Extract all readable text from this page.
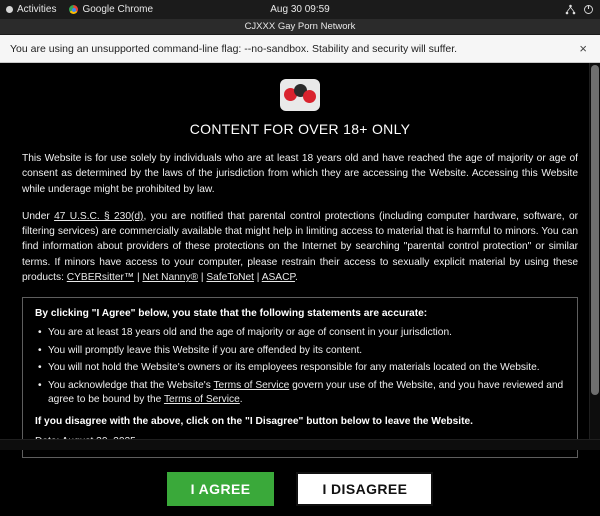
Activities	Google Chrome	Aug 30 09:59
CJXXX Gay Porn Network
You are using an unsupported command-line flag: --no-sandbox. Stability and security will suffer.	×
CONTENT FOR OVER 18+ ONLY

This Website is for use solely by individuals who are at least 18 years old and have reached the age of majority or age of consent as determined by the laws of the jurisdiction from which they are accessing the Website. Accessing this Website while underage might be prohibited by law.

Under 47 U.S.C. § 230(d), you are notified that parental control protections (including computer hardware, software, or filtering services) are commercially available that might help in limiting access to material that is harmful to minors. You can find information about providers of these protections on the Internet by searching "parental control protection" or similar terms. If minors have access to your computer, please restrain their access to sexually explicit material by using these products: CYBERsitter™ | Net Nanny® | SafeToNet | ASACP.

By clicking "I Agree" below, you state that the following statements are accurate:
• You are at least 18 years old and the age of majority or age of consent in your jurisdiction.
• You will promptly leave this Website if you are offended by its content.
• You will not hold the Website's owners or its employees responsible for any materials located on the Website.
• You acknowledge that the Website's Terms of Service govern your use of the Website, and you have reviewed and agree to be bound by the Terms of Service.
If you disagree with the above, click on the "I Disagree" button below to leave the Website.
I AGREE	I DISAGREE
